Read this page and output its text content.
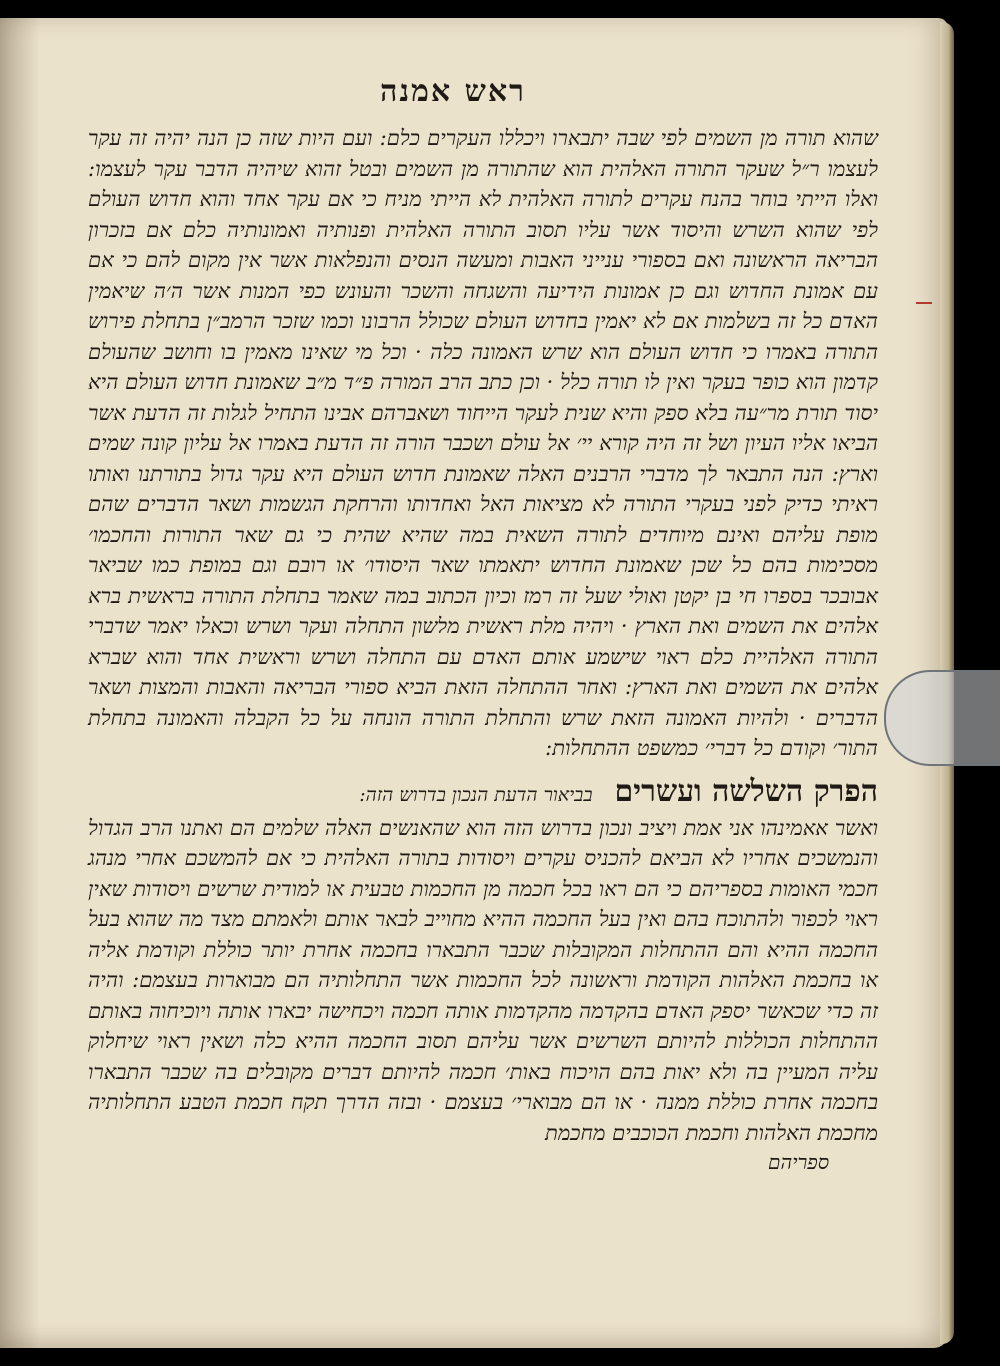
ראש אמנה

שהוא תורה מן השמים לפי שבה יתבארו ויכללו העקרים כלם: ועם היות שזה כן הנה יהיה זה עקר לעצמו ר״ל שעקר התורה האלהית הוא שהתורה מן השמים ובטל זהוא שיהיה הדבר עקר לעצמו: ואלו הייתי בוחר בהנח עקרים לתורה האלהית לא הייתי מניח כי אם עקר אחד והוא חדוש העולם לפי שהוא השרש והיסוד אשר עליו תסוב התורה האלהית ופנותיה ואמונותיה כלם אם בזכרון הבריאה הראשונה ואם בספורי ענייני האבות ומעשה הנסים והנפלאות אשר אין מקום להם כי אם עם אמונת החדוש וגם כן אמונות הידיעה והשגחה והשכר והעונש כפי המנות אשר ה׳ה שיאמין האדם כל זה בשלמות אם לא יאמין בחדוש העולם שכולל הרבונו וכמו שזכר הרמב״ן בתחלת פירוש התורה באמרו כי חדוש העולם הוא שרש האמונה כלה · וכל מי שאינו מאמין בו וחושב שהעולם קדמון הוא כופר בעקר ואין לו תורה כלל · וכן כתב הרב המורה פ״ד מ״ב שאמונת חדוש העולם היא יסוד תורת מר״עה בלא ספק והיא שנית לעקר הייחוד ושאברהם אבינו התחיל לגלות זה הדעת אשר הביאו אליו העיון ושל זה היה קורא יי׳ אל עולם ושכבר הורה זה הדעת באמרו אל עליון קונה שמים וארץ: הנה התבאר לך מדברי הרבנים האלה שאמונת חדוש העולם היא עקר גדול בתורתנו ואותו ראיתי כדיק לפני בעקרי התורה לא מציאות האל ואחדותו והרחקת הגשמות ושאר הדברים שהם מופת עליהם ואינם מיוחדים לתורה השאית במה שהיא שהית כי גם שאר התורות והחכמו׳ מסכימות בהם כל שכן שאמונת החדוש יתאמתו שאר היסודו׳ או רובם וגם במופת כמו שביאר אבובכר בספרו חי בן יקטן ואולי שעל זה רמז וכיון הכתוב במה שאמר בתחלת התורה בראשית ברא אלהים את השמים ואת הארץ · ויהיה מלת ראשית מלשון התחלה ועקר ושרש וכאלו יאמר שדברי התורה האלהיית כלם ראוי שישמע אותם האדם עם התחלה ושרש וראשית אחד והוא שברא אלהים את השמים ואת הארץ: ואחר ההתחלה הזאת הביא ספורי הבריאה והאבות והמצות ושאר הדברים · ולהיות האמונה הזאת שרש והתחלת התורה הונחה על כל הקבלה והאמונה בתחלת התור׳ וקודם כל דברי׳ כמשפט ההתחלות:

הפרק השלשה ועשרים
בביאור הדעת הנכון בדרוש הזה:

ואשר אאמינהו אני אמת ויציב ונכון בדרוש הזה הוא שהאנשים האלה שלמים הם ואתנו הרב הגדול והנמשכים אחריו לא הביאם להכניס עקרים ויסודות בתורה האלהית כי אם להמשכם אחרי מנהג חכמי האומות בספריהם כי הם ראו בכל חכמה מן החכמות טבעית או למודית שרשים ויסודות שאין ראוי לכפור ולהתוכח בהם ואין בעל החכמה ההיא מחוייב לבאר אותם ולאמתם מצד מה שהוא בעל החכמה ההיא והם ההתחלות המקובלות שכבר התבארו בחכמה אחרת יותר כוללת וקודמת אליה או בחכמת האלהות הקודמת וראשונה לכל החכמות אשר התחלותיה הם מבוארות בעצמם: והיה זה כדי שכאשר יספק האדם בהקדמה מהקדמות אותה חכמה ויכחישה יבארו אותה ויוכיחוה באותם ההתחלות הכוללות להיותם השרשים אשר עליהם תסוב החכמה ההיא כלה ושאין ראוי שיחלוק עליה המעיין בה ולא יאות בהם הויכוח באות׳ חכמה להיותם דברים מקובלים בה שכבר התבארו בחכמה אחרת כוללת ממנה · או הם מבוארי׳ בעצמם · ובזה הדרך תקח חכמת הטבע התחלותיה מחכמת האלהות וחכמת הכוכבים מחכמת

ספריהם
